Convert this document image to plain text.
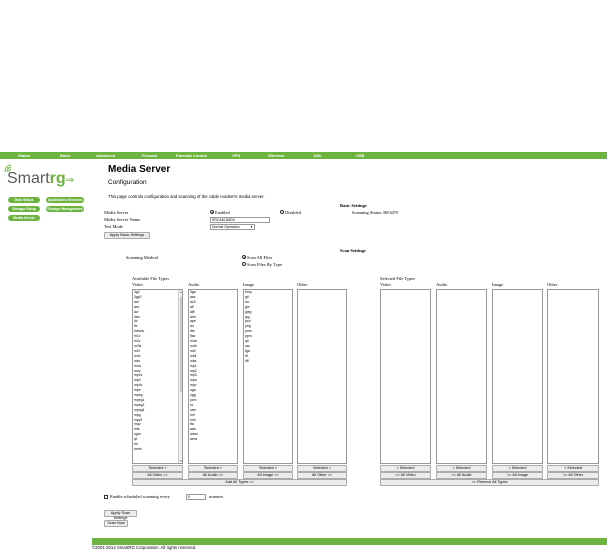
Status	Basic	Advanced	Firewall	Parental Control	VPN	Wireless	DSL	USB
Smartrg⇒
Disk Status	Application Services
Storage Setup	Storage Management
Media Server
Media Server
Configuration
This page controls configuration and scanning of the cable modem's media server.
Basic Settings
Media Server	Enabled	Disabled	Scanning Status: READY
Media Server Name	SRCAM-D6D9
Test Mode	Normal Operation	▼
Apply Basic Settings
Scan Settings
Scanning Method	Scan All Files
Scan Files By Type
Available File Types	Selected File Types
Video	Audio	Image	Other	Video	Audio	Image	Other
▲
▼
3g2
3gp2
asf
avc
avi
divx
dv
flv
hdmov
m1v
m2v
m2ts
m2t
m4v
mkv
mod
mov
mp2v
mp4
mp4v
mpe
mpeg
mpeg1
mpeg2
mpeg4
mpg
mpv2
mqv
mts
ogm
qt
rm
rmvb
3ga
aac
ac3
aif
aiff
amr
ape
au
dts
flac
m4a
m4b
mid
midi
mka
mp1
mp2
mp3
mpa
mpc
oga
ogg
pcm
ra
ram
rmi
snd
tta
wav
wave
wma
bmp
gif
ico
jpe
jpeg
jpg
pcd
png
pnm
ppm
qti
ras
tga
tif
tiff
Selected >	Selected >	Selected >	Selected >
All Video >>	All Audio >>	All Image >>	All Other >>
Add All Types >>
< Selected	< Selected	< Selected	< Selected
<< All Video	<< All Audio	<< All Image	<< All Other
<< Remove All Types
Enable scheduled scanning every	0	minutes
Apply Scan Settings
Scan Now
©2001-2014 SmartRG Corporation. All rights reserved.
